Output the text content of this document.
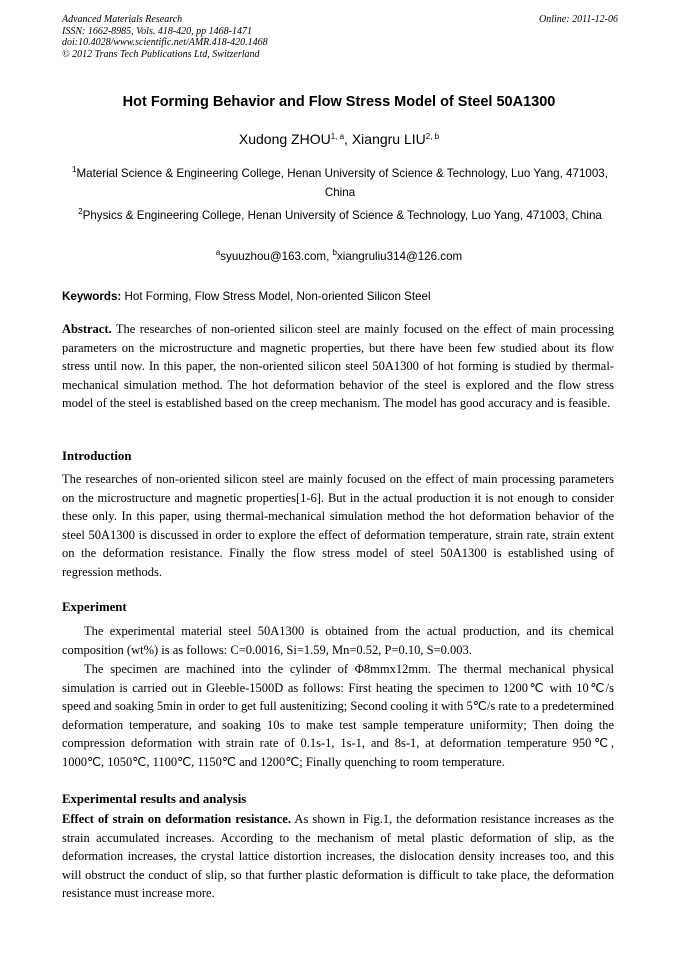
Advanced Materials Research
ISSN: 1662-8985, Vols. 418-420, pp 1468-1471
doi:10.4028/www.scientific.net/AMR.418-420.1468
© 2012 Trans Tech Publications Ltd, Switzerland
Online: 2011-12-06
Hot Forming Behavior and Flow Stress Model of Steel 50A1300
Xudong ZHOU$^{1, a}$, Xiangru LIU$^{2, b}$
$^1$Material Science & Engineering College, Henan University of Science & Technology, Luo Yang, 471003, China
$^2$Physics & Engineering College, Henan University of Science & Technology, Luo Yang, 471003, China
$^a$syuuzhou@163.com, $^b$xiangruliu314@126.com
Keywords: Hot Forming, Flow Stress Model, Non-oriented Silicon Steel

Abstract. The researches of non-oriented silicon steel are mainly focused on the effect of main processing parameters on the microstructure and magnetic properties, but there have been few studied about its flow stress until now. In this paper, the non-oriented silicon steel 50A1300 of hot forming is studied by thermal-mechanical simulation method. The hot deformation behavior of the steel is explored and the flow stress model of the steel is established based on the creep mechanism. The model has good accuracy and is feasible.

Introduction

The researches of non-oriented silicon steel are mainly focused on the effect of main processing parameters on the microstructure and magnetic properties[1-6]. But in the actual production it is not enough to consider these only. In this paper, using thermal-mechanical simulation method the hot deformation behavior of the steel 50A1300 is discussed in order to explore the effect of deformation temperature, strain rate, strain extent on the deformation resistance. Finally the flow stress model of steel 50A1300 is established using of regression methods.

Experiment

The experimental material steel 50A1300 is obtained from the actual production, and its chemical composition (wt%) is as follows: C=0.0016, Si=1.59, Mn=0.52, P=0.10, S=0.003.

The specimen are machined into the cylinder of Φ8mmx12mm. The thermal mechanical physical simulation is carried out in Gleeble-1500D as follows: First heating the specimen to 1200℃ with 10℃/s speed and soaking 5min in order to get full austenitizing; Second cooling it with 5℃/s rate to a predetermined deformation temperature, and soaking 10s to make test sample temperature uniformity; Then doing the compression deformation with strain rate of 0.1s-1, 1s-1, and 8s-1, at deformation temperature 950℃, 1000℃, 1050℃, 1100℃, 1150℃ and 1200℃; Finally quenching to room temperature.

Experimental results and analysis

Effect of strain on deformation resistance. As shown in Fig.1, the deformation resistance increases as the strain accumulated increases. According to the mechanism of metal plastic deformation of slip, as the deformation increases, the crystal lattice distortion increases, the dislocation density increases too, and this will obstruct the conduct of slip, so that further plastic deformation is difficult to take place, the deformation resistance must increase more.
